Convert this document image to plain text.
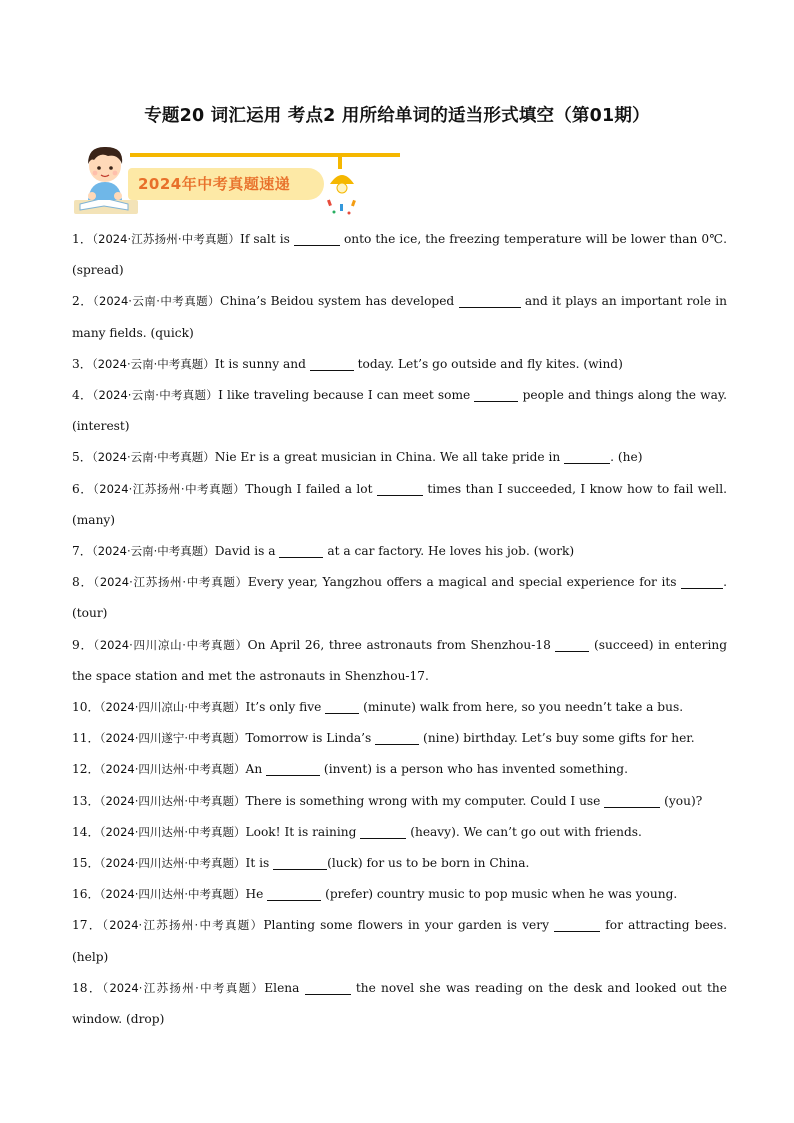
专题20 词汇运用 考点2 用所给单词的适当形式填空（第01期）
2024年中考真题速递

1．（2024·江苏扬州·中考真题）If salt is	onto the ice, the freezing temperature will be lower than 0℃. (spread)

2．（2024·云南·中考真题）China’s Beidou system has developed	and it plays an important role in many fields. (quick)

3．（2024·云南·中考真题）It is sunny and	today. Let’s go outside and fly kites. (wind)

4．（2024·云南·中考真题）I like traveling because I can meet some	people and things along the way. (interest)

5．（2024·云南·中考真题）Nie Er is a great musician in China. We all take pride in	. (he)

6．（2024·江苏扬州·中考真题）Though I failed a lot	times than I succeeded, I know how to fail well. (many)

7．（2024·云南·中考真题）David is a	at a car factory. He loves his job. (work)

8．（2024·江苏扬州·中考真题）Every year, Yangzhou offers a magical and special experience for its	. (tour)

9．（2024·四川凉山·中考真题）On April 26, three astronauts from Shenzhou-18	(succeed) in entering the space station and met the astronauts in Shenzhou-17.

10．（2024·四川凉山·中考真题）It’s only five	(minute) walk from here, so you needn’t take a bus.

11．（2024·四川遂宁·中考真题）Tomorrow is Linda’s	(nine) birthday. Let’s buy some gifts for her.

12．（2024·四川达州·中考真题）An	(invent) is a person who has invented something.

13．（2024·四川达州·中考真题）There is something wrong with my computer. Could I use	(you)?

14．（2024·四川达州·中考真题）Look! It is raining	(heavy). We can’t go out with friends.

15．（2024·四川达州·中考真题）It is	(luck) for us to be born in China.

16．（2024·四川达州·中考真题）He	(prefer) country music to pop music when he was young.

17．（2024·江苏扬州·中考真题）Planting some flowers in your garden is very	for attracting bees. (help)

18．（2024·江苏扬州·中考真题）Elena	the novel she was reading on the desk and looked out the window. (drop)
